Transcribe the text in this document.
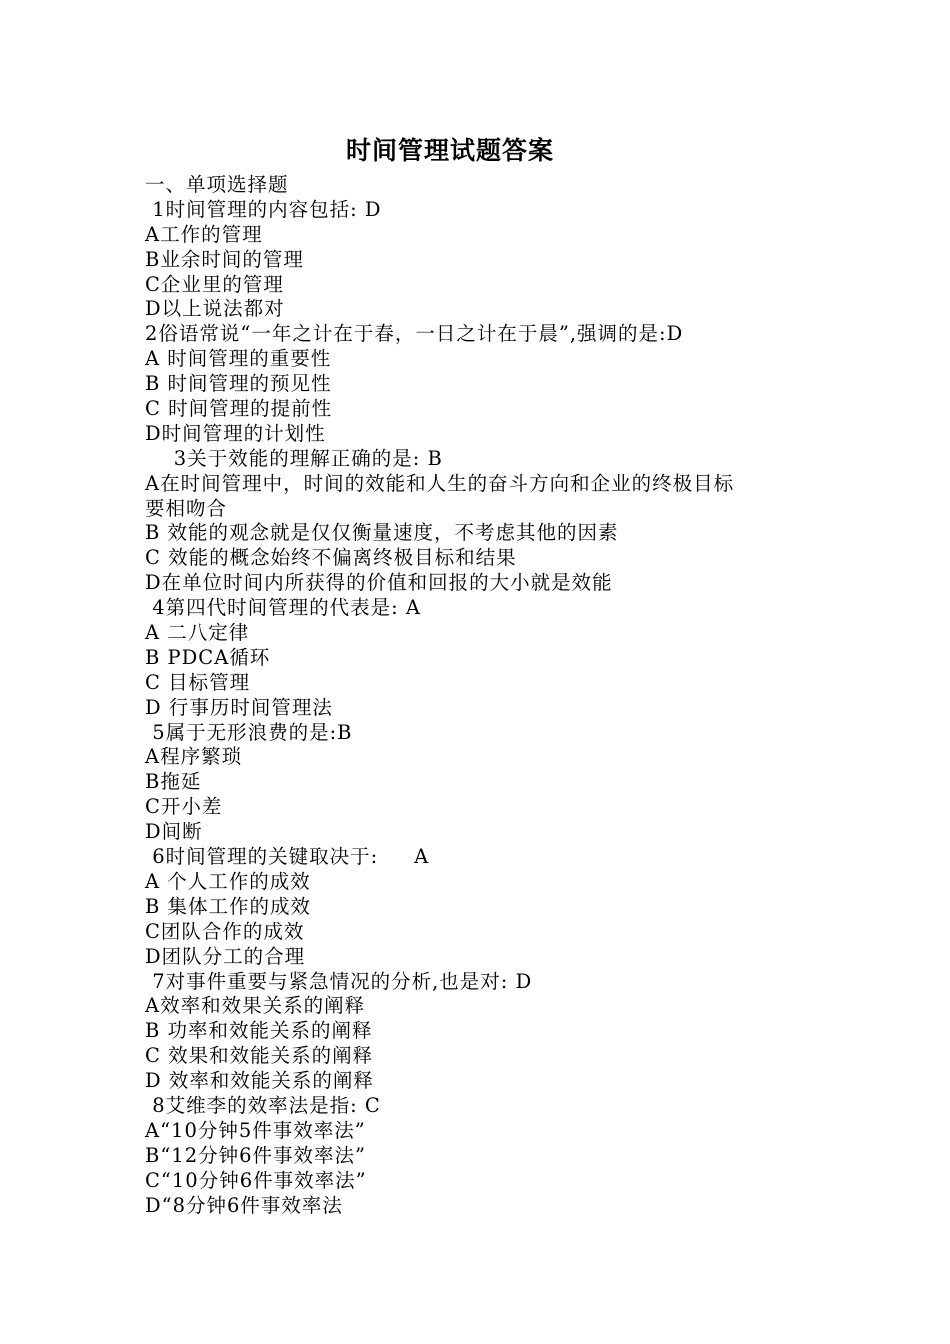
时间管理试题答案
一、单项选择题
1时间管理的内容包括: D
A工作的管理
B业余时间的管理
C企业里的管理
D以上说法都对
2俗语常说“一年之计在于春，一日之计在于晨”,强调的是:D
A 时间管理的重要性
B 时间管理的预见性
C 时间管理的提前性
D时间管理的计划性
3关于效能的理解正确的是: B
A在时间管理中，时间的效能和人生的奋斗方向和企业的终极目标
要相吻合
B 效能的观念就是仅仅衡量速度，不考虑其他的因素
C 效能的概念始终不偏离终极目标和结果
D在单位时间内所获得的价值和回报的大小就是效能
4第四代时间管理的代表是: A
A 二八定律
B PDCA循环
C 目标管理
D 行事历时间管理法
5属于无形浪费的是:B
A程序繁琐
B拖延
C开小差
D间断
6时间管理的关键取决于:     A
A 个人工作的成效
B 集体工作的成效
C团队合作的成效
D团队分工的合理
7对事件重要与紧急情况的分析,也是对: D
A效率和效果关系的阐释
B 功率和效能关系的阐释
C 效果和效能关系的阐释
D 效率和效能关系的阐释
8艾维李的效率法是指: C
A“10分钟5件事效率法”
B“12分钟6件事效率法”
C“10分钟6件事效率法”
D“8分钟6件事效率法
